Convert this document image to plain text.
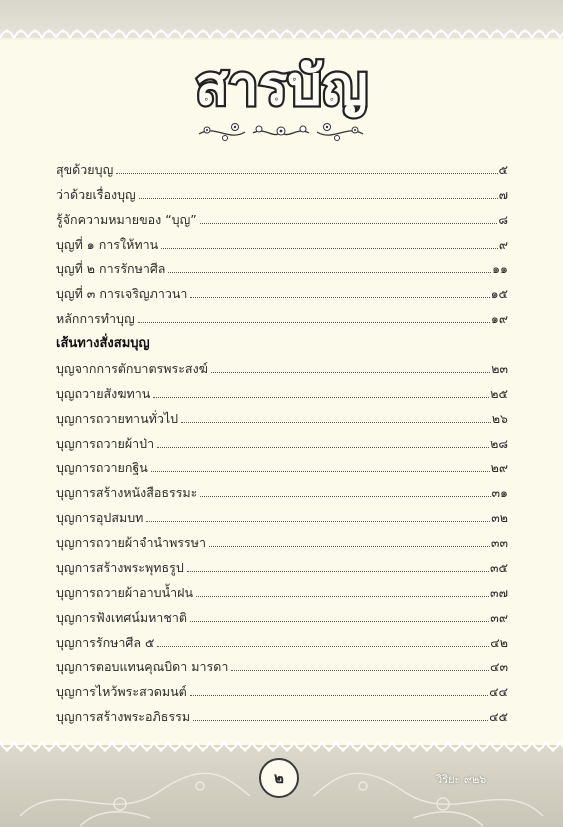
สารบัญ
สุขด้วยบุญ	๕
ว่าด้วยเรื่องบุญ	๗
รู้จักความหมายของ “บุญ”	๘
บุญที่ ๑ การให้ทาน	๙
บุญที่ ๒ การรักษาศีล	๑๑
บุญที่ ๓ การเจริญภาวนา	๑๕
หลักการทำบุญ	๑๙
เส้นทางสั่งสมบุญ
บุญจากการตักบาตรพระสงฆ์	๒๓
บุญถวายสังฆทาน	๒๕
บุญการถวายทานทั่วไป	๒๖
บุญการถวายผ้าป่า	๒๘
บุญการถวายกฐิน	๒๙
บุญการสร้างหนังสือธรรมะ	๓๑
บุญการอุปสมบท	๓๒
บุญการถวายผ้าจำนำพรรษา	๓๓
บุญการสร้างพระพุทธรูป	๓๕
บุญการถวายผ้าอาบน้ำฝน	๓๗
บุญการฟังเทศน์มหาชาติ	๓๙
บุญการรักษาศีล ๕	๔๒
บุญการตอบแทนคุณบิดา มารดา	๔๓
บุญการไหว้พระสวดมนต์	๔๔
บุญการสร้างพระอภิธรรม	๔๕
๒	วิริยะ ๙๒๖
